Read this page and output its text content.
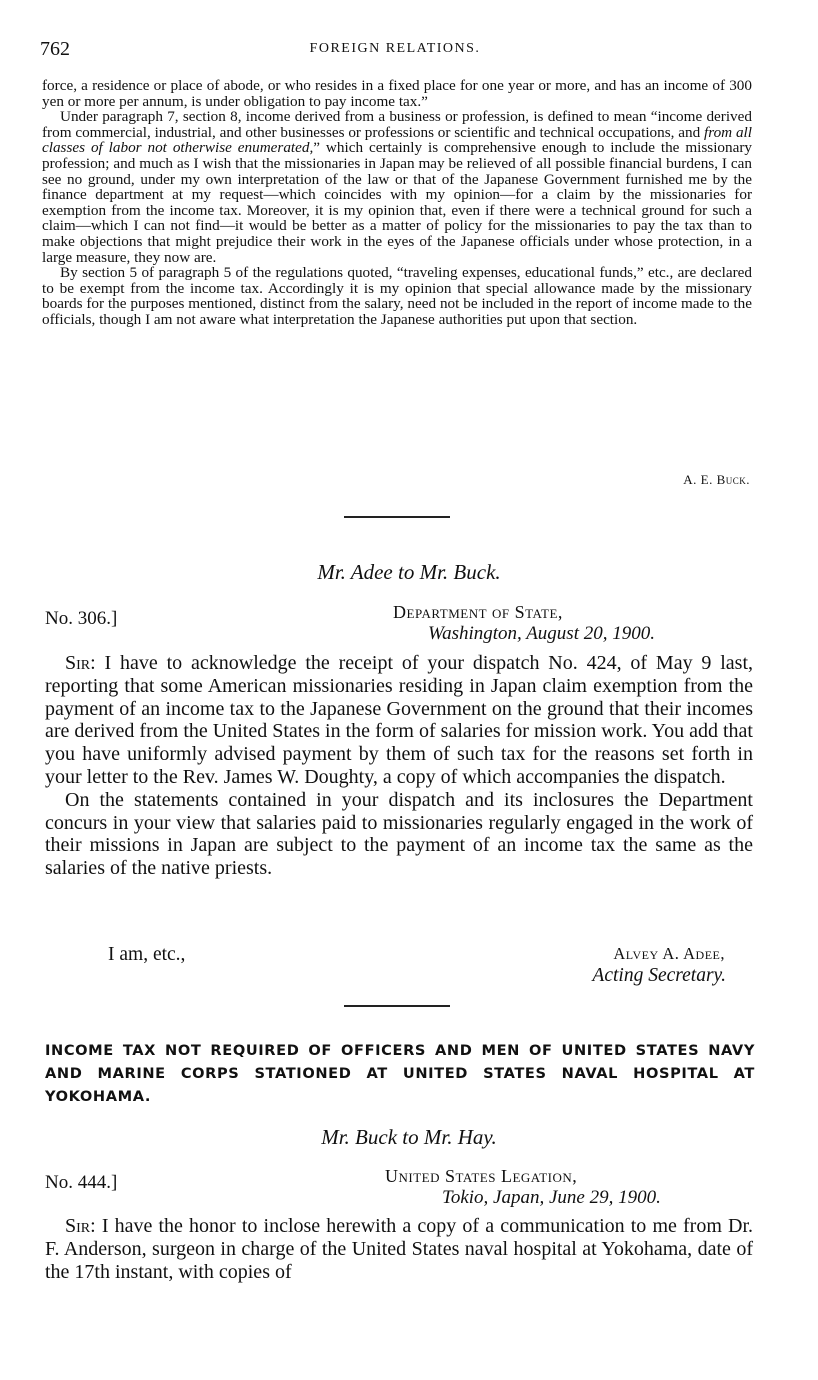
762	FOREIGN RELATIONS.

force, a residence or place of abode, or who resides in a fixed place for one year or more, and has an income of 300 yen or more per annum, is under obligation to pay income tax.”

Under paragraph 7, section 8, income derived from a business or profession, is defined to mean “income derived from commercial, industrial, and other businesses or professions or scientific and technical occupations, and from all classes of labor not otherwise enumerated,” which certainly is comprehensive enough to include the missionary profession; and much as I wish that the missionaries in Japan may be relieved of all possible financial burdens, I can see no ground, under my own interpretation of the law or that of the Japanese Government furnished me by the finance department at my request—which coincides with my opinion—for a claim by the missionaries for exemption from the income tax. Moreover, it is my opinion that, even if there were a technical ground for such a claim—which I can not find—it would be better as a matter of policy for the missionaries to pay the tax than to make objections that might prejudice their work in the eyes of the Japanese officials under whose protection, in a large measure, they now are.

By section 5 of paragraph 5 of the regulations quoted, “traveling expenses, educational funds,” etc., are declared to be exempt from the income tax. Accordingly it is my opinion that special allowance made by the missionary boards for the purposes mentioned, distinct from the salary, need not be included in the report of income made to the officials, though I am not aware what interpretation the Japanese authorities put upon that section.

A. E. Buck.
Mr. Adee to Mr. Buck.
No. 306.]	Department of State,
Washington, August 20, 1900.

Sir: I have to acknowledge the receipt of your dispatch No. 424, of May 9 last, reporting that some American missionaries residing in Japan claim exemption from the payment of an income tax to the Japanese Government on the ground that their incomes are derived from the United States in the form of salaries for mission work. You add that you have uniformly advised payment by them of such tax for the reasons set forth in your letter to the Rev. James W. Doughty, a copy of which accompanies the dispatch.

On the statements contained in your dispatch and its inclosures the Department concurs in your view that salaries paid to missionaries regularly engaged in the work of their missions in Japan are subject to the payment of an income tax the same as the salaries of the native priests.

I am, etc.,	Alvey A. Adee,
Acting Secretary.
INCOME TAX NOT REQUIRED OF OFFICERS AND MEN OF UNITED STATES NAVY AND MARINE CORPS STATIONED AT UNITED STATES NAVAL HOSPITAL AT YOKOHAMA.
Mr. Buck to Mr. Hay.
No. 444.]	United States Legation,
Tokio, Japan, June 29, 1900.

Sir: I have the honor to inclose herewith a copy of a communication to me from Dr. F. Anderson, surgeon in charge of the United States naval hospital at Yokohama, date of the 17th instant, with copies of
